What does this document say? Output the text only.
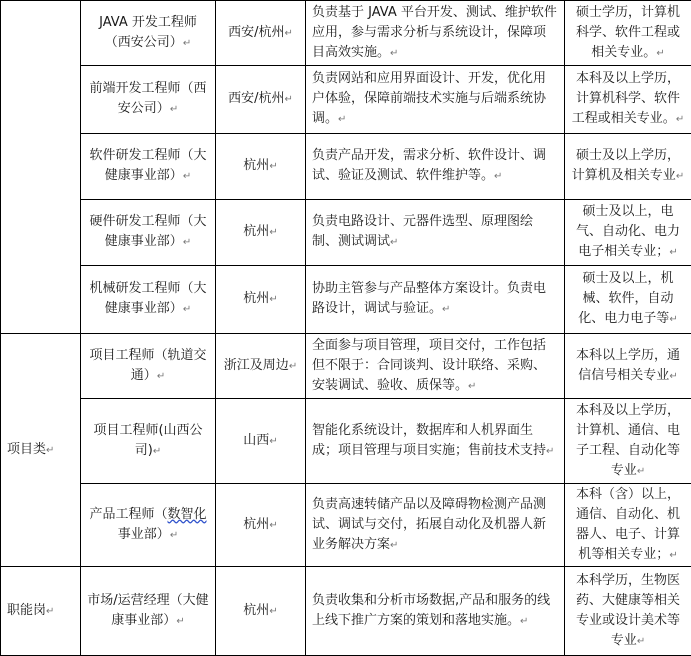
	JAVA 开发工程师（西安公司）↵	西安/杭州↵	负责基于 JAVA 平台开发、测试、维护软件应用，参与需求分析与系统设计，保障项目高效实施。↵	硕士学历，计算机科学、软件工程或相关专业。↵
	前端开发工程师（西安公司）↵	西安/杭州↵	负责网站和应用界面设计、开发，优化用户体验，保障前端技术实施与后端系统协调。↵	本科及以上学历，计算机科学、软件工程或相关专业。↵
	软件研发工程师（大健康事业部）↵	杭州↵	负责产品开发，需求分析、软件设计、调试、验证及测试、软件维护等。↵	硕士及以上学历，计算机及相关专业↵
	硬件研发工程师（大健康事业部）↵	杭州↵	负责电路设计、元器件选型、原理图绘制、测试调试↵	硕士及以上，电气、自动化、电力电子相关专业；↵
	机械研发工程师（大健康事业部）↵	杭州↵	协助主管参与产品整体方案设计。负责电路设计，调试与验证。↵	硕士及以上，机械、软件，自动化、电力电子等↵
项目类↵	项目工程师（轨道交通）↵	浙江及周边↵	全面参与项目管理，项目交付，工作包括但不限于：合同谈判、设计联络、采购、安装调试、验收、质保等。↵	本科以上学历，通信信号相关专业↵
	项目工程师(山西公司)↵	山西↵	智能化系统设计，数据库和人机界面生成；项目管理与项目实施；售前技术支持↵	本科及以上学历，计算机、通信、电子工程、自动化等专业↵
	产品工程师（数智化事业部）↵	杭州↵	负责高速转储产品以及障碍物检测产品测试、调试与交付，拓展自动化及机器人新业务解决方案↵	本科（含）以上，通信、自动化、机器人、电子、计算机等相关专业；↵
职能岗↵	市场/运营经理（大健康事业部）↵	杭州↵	负责收集和分析市场数据,产品和服务的线上线下推广方案的策划和落地实施。↵	本科学历，生物医药、大健康等相关专业或设计美术等专业↵
